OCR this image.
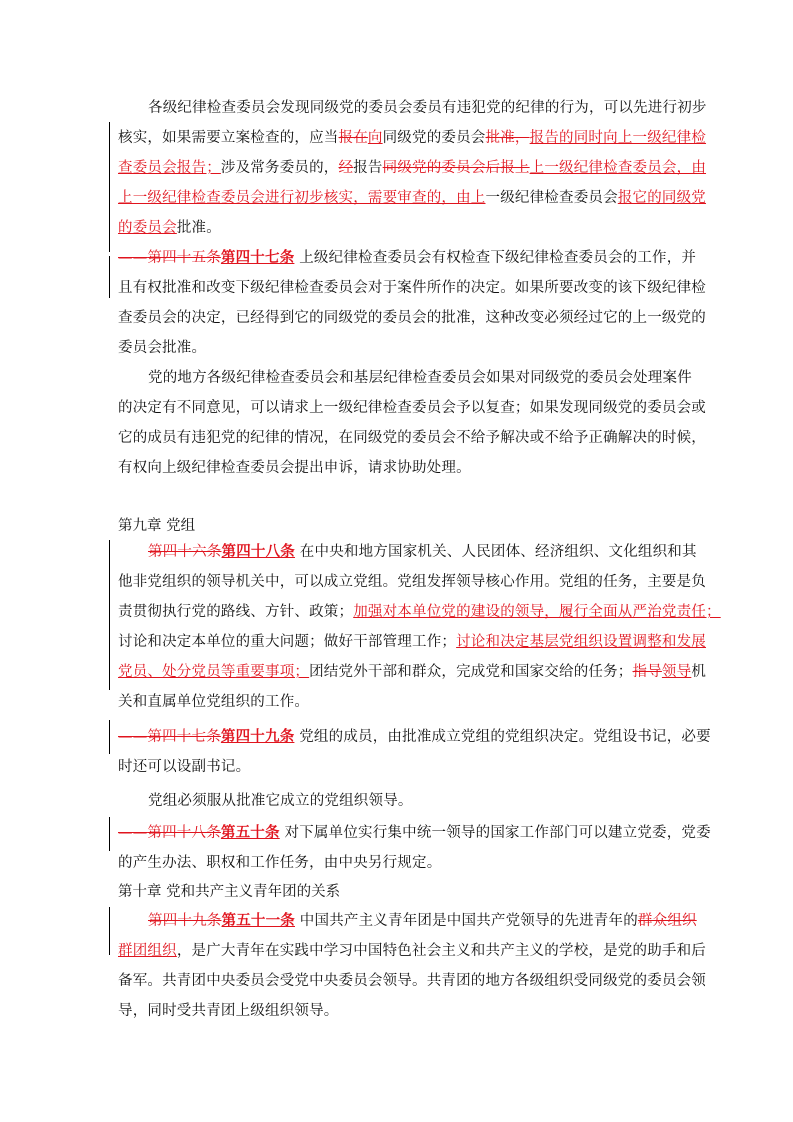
各级纪律检查委员会发现同级党的委员会委员有违犯党的纪律的行为，可以先进行初步
核实，如果需要立案检查的，应当报在向同级党的委员会批准，报告的同时向上一级纪律检
查委员会报告；涉及常务委员的，经报告同级党的委员会后报上上一级纪律检查委员会，由
上一级纪律检查委员会进行初步核实，需要审查的，由上一级纪律检查委员会报它的同级党
的委员会批准。
——第四十五条第四十七条 上级纪律检查委员会有权检查下级纪律检查委员会的工作，并
且有权批准和改变下级纪律检查委员会对于案件所作的决定。如果所要改变的该下级纪律检
查委员会的决定，已经得到它的同级党的委员会的批准，这种改变必须经过它的上一级党的
委员会批准。
党的地方各级纪律检查委员会和基层纪律检查委员会如果对同级党的委员会处理案件
的决定有不同意见，可以请求上一级纪律检查委员会予以复查；如果发现同级党的委员会或
它的成员有违犯党的纪律的情况，在同级党的委员会不给予解决或不给予正确解决的时候，
有权向上级纪律检查委员会提出申诉，请求协助处理。
第九章 党组
第四十六条第四十八条 在中央和地方国家机关、人民团体、经济组织、文化组织和其
他非党组织的领导机关中，可以成立党组。党组发挥领导核心作用。党组的任务，主要是负
责贯彻执行党的路线、方针、政策；加强对本单位党的建设的领导，履行全面从严治党责任；
讨论和决定本单位的重大问题；做好干部管理工作；讨论和决定基层党组织设置调整和发展
党员、处分党员等重要事项；团结党外干部和群众，完成党和国家交给的任务；指导领导机
关和直属单位党组织的工作。
——第四十七条第四十九条 党组的成员，由批准成立党组的党组织决定。党组设书记，必要
时还可以设副书记。
党组必须服从批准它成立的党组织领导。
——第四十八条第五十条 对下属单位实行集中统一领导的国家工作部门可以建立党委，党委
的产生办法、职权和工作任务，由中央另行规定。
第十章 党和共产主义青年团的关系
第四十九条第五十一条 中国共产主义青年团是中国共产党领导的先进青年的群众组织
群团组织，是广大青年在实践中学习中国特色社会主义和共产主义的学校，是党的助手和后
备军。共青团中央委员会受党中央委员会领导。共青团的地方各级组织受同级党的委员会领
导，同时受共青团上级组织领导。
